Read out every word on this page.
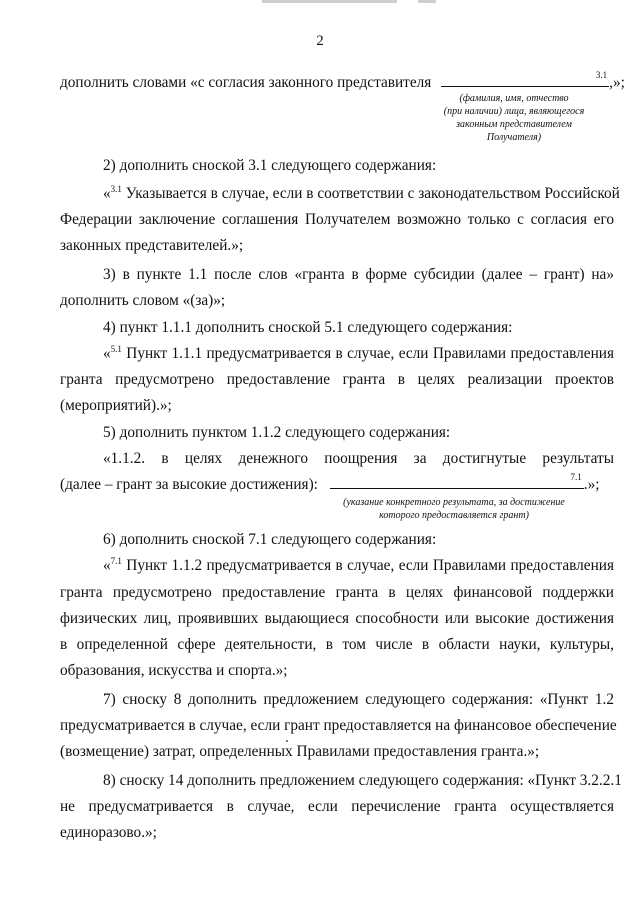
2
дополнить словами «с согласия законного представителя	3.1 ,»;
(фамилия, имя, отчество
(при наличии) лица, являющегося
законным представителем
Получателя)
2) дополнить сноской 3.1 следующего содержания:
«$^{3.1}$ Указывается в случае, если в соответствии с законодательством Российской
Федерации заключение соглашения Получателем возможно только с согласия его
законных представителей.»;
3) в пункте 1.1 после слов «гранта в форме субсидии (далее – грант) на»
дополнить словом «(за)»;
4) пункт 1.1.1 дополнить сноской 5.1 следующего содержания:
«$^{5.1}$ Пункт 1.1.1 предусматривается в случае, если Правилами предоставления
гранта предусмотрено предоставление гранта в целях реализации проектов
(мероприятий).»;
5) дополнить пунктом 1.1.2 следующего содержания:
«1.1.2. в целях денежного поощрения за достигнутые результаты
(далее – грант за высокие достижения):	7.1 .»;
(указание конкретного результата, за достижение
которого предоставляется грант)
6) дополнить сноской 7.1 следующего содержания:
«$^{7.1}$ Пункт 1.1.2 предусматривается в случае, если Правилами предоставления
гранта предусмотрено предоставление гранта в целях финансовой поддержки
физических лиц, проявивших выдающиеся способности или высокие достижения
в определенной сфере деятельности, в том числе в области науки, культуры,
образования, искусства и спорта.»;
7) сноску 8 дополнить предложением следующего содержания: «Пункт 1.2
предусматривается в случае, если грант предоставляется на финансовое обеспечение
(возмещение) затрат, определенных Правилами предоставления гранта.»;
8) сноску 14 дополнить предложением следующего содержания: «Пункт 3.2.2.1
не предусматривается в случае, если перечисление гранта осуществляется
единоразово.»;
